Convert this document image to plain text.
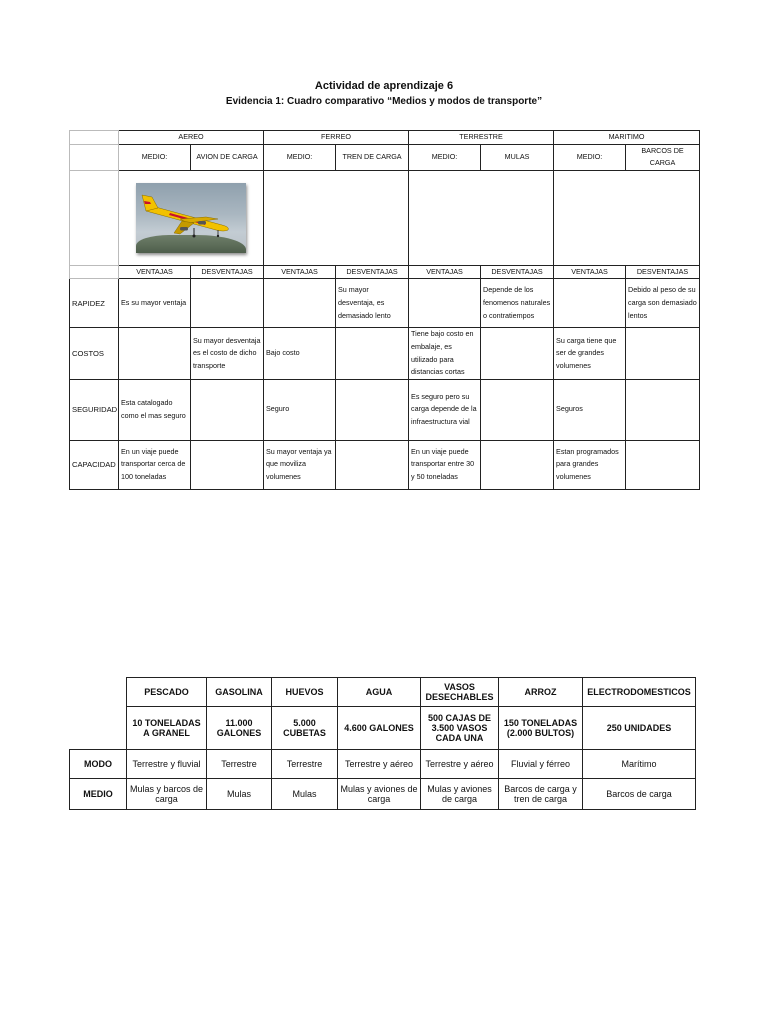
Actividad de aprendizaje 6
Evidencia 1: Cuadro comparativo “Medios y modos de transporte”
	AEREO		FERREO		TERRESTRE		MARITIMO	
	MEDIO:	AVION DE CARGA	MEDIO:	TREN DE CARGA	MEDIO:	MULAS	MEDIO:	BARCOS DE CARGA

	VENTAJAS	DESVENTAJAS	VENTAJAS	DESVENTAJAS	VENTAJAS	DESVENTAJAS	VENTAJAS	DESVENTAJAS
RAPIDEZ	Es su mayor ventaja			Su mayor desventaja, es demasiado lento		Depende de los fenomenos naturales o contratiempos		Debido al peso de su carga son demasiado lentos
COSTOS		Su mayor desventaja es el costo de dicho transporte	Bajo costo		Tiene bajo costo en embalaje, es utilizado para distancias cortas		Su carga tiene que ser de grandes volumenes	
SEGURIDAD	Esta catalogado como el mas seguro		Seguro		Es seguro pero su carga depende de la infraestructura vial		Seguros	
CAPACIDAD	En un viaje puede transportar cerca de 100 toneladas		Su mayor ventaja ya que moviliza volumenes		En un viaje puede transportar entre 30 y 50 toneladas		Estan programados para grandes volumenes	
	PESCADO	GASOLINA	HUEVOS	AGUA	VASOS DESECHABLES	ARROZ	ELECTRODOMESTICOS
	10 TONELADAS A GRANEL	11.000 GALONES	5.000 CUBETAS	4.600 GALONES	500 CAJAS DE 3.500 VASOS CADA UNA	150 TONELADAS (2.000 BULTOS)	250 UNIDADES
MODO	Terrestre y fluvial	Terrestre	Terrestre	Terrestre y aéreo	Terrestre y aéreo	Fluvial y férreo	Marítimo
MEDIO	Mulas y barcos de carga	Mulas	Mulas	Mulas y aviones de carga	Mulas y aviones de carga	Barcos de carga y tren de carga	Barcos de carga
